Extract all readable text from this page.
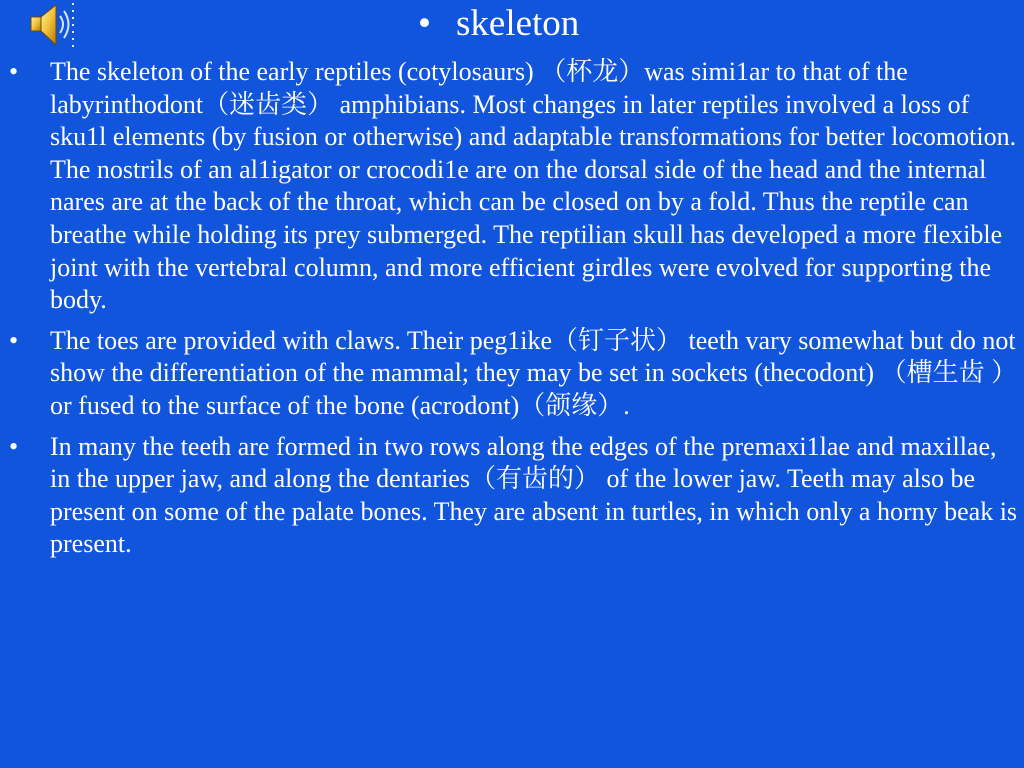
• skeleton
• The skeleton of the early reptiles (cotylosaurs) （杯龙）was simi1ar to that of the labyrinthodont（迷齿类） amphibians. Most changes in later reptiles involved a loss of sku1l elements (by fusion or otherwise) and adaptable transformations for better locomotion. The nostrils of an al1igator or crocodi1e are on the dorsal side of the head and the internal nares are at the back of the throat, which can be closed on by a fold. Thus the reptile can breathe while holding its prey submerged. The reptilian skull has developed a more flexible joint with the vertebral column, and more efficient girdles were evolved for supporting the body.

• The toes are provided with claws. Their peg1ike（钉子状） teeth vary somewhat but do not show the differentiation of the mammal; they may be set in sockets (thecodont) （槽生齿 ）or fused to the surface of the bone (acrodont)（颌缘）.

• In many the teeth are formed in two rows along the edges of the premaxi1lae and maxillae, in the upper jaw, and along the dentaries（有齿的） of the lower jaw. Teeth may also be present on some of the palate bones. They are absent in turtles, in which only a horny beak is present.
